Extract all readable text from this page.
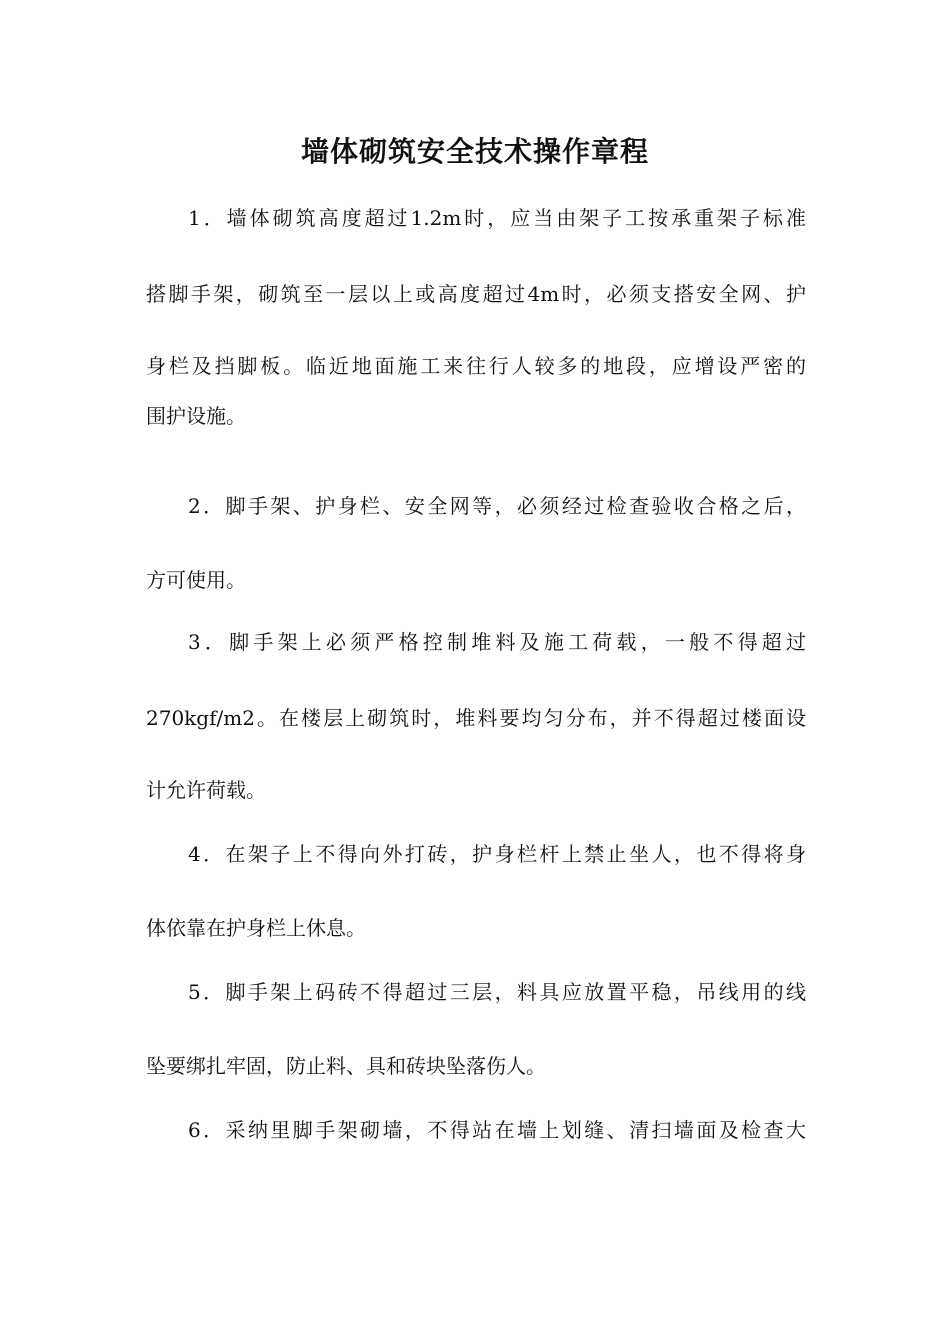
墙体砌筑安全技术操作章程
1．墙体砌筑高度超过1.2m时，应当由架子工按承重架子标准
搭脚手架，砌筑至一层以上或高度超过4m时，必须支搭安全网、护
身栏及挡脚板。临近地面施工来往行人较多的地段，应增设严密的
围护设施。
2．脚手架、护身栏、安全网等，必须经过检查验收合格之后，
方可使用。
3．脚手架上必须严格控制堆料及施工荷载，一般不得超过
270kgf/m2。在楼层上砌筑时，堆料要均匀分布，并不得超过楼面设
计允许荷载。
4．在架子上不得向外打砖，护身栏杆上禁止坐人，也不得将身
体依靠在护身栏上休息。
5．脚手架上码砖不得超过三层，料具应放置平稳，吊线用的线
坠要绑扎牢固，防止料、具和砖块坠落伤人。
6．采纳里脚手架砌墙，不得站在墙上划缝、清扫墙面及检查大
